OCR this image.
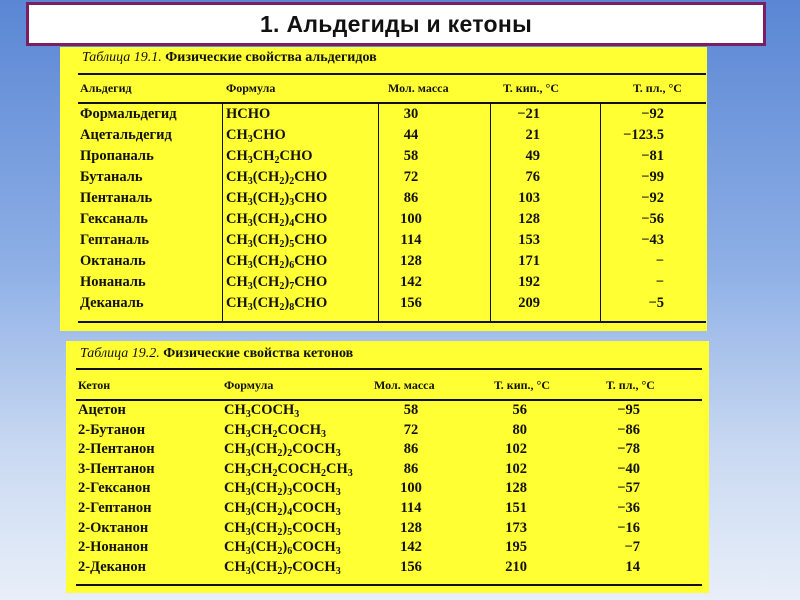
1. Альдегиды и кетоны
Таблица 19.1. Физические свойства альдегидов
Альдегид	Формула	Мол. масса	Т. кип., °С	Т. пл., °С
Формальдегид	HCHO	30	−21	−92
Ацетальдегид	$CH_3CHO$	44	21	−123.5
Пропаналь	$CH_3CH_2CHO$	58	49	−81
Бутаналь	$CH_3(CH_2)_2CHO$	72	76	−99
Пентаналь	$CH_3(CH_2)_3CHO$	86	103	−92
Гексаналь	$CH_3(CH_2)_4CHO$	100	128	−56
Гептаналь	$CH_3(CH_2)_5CHO$	114	153	−43
Октаналь	$CH_3(CH_2)_6CHO$	128	171	−
Нонаналь	$CH_3(CH_2)_7CHO$	142	192	−
Деканаль	$CH_3(CH_2)_8CHO$	156	209	−5
Таблица 19.2. Физические свойства кетонов
Кетон	Формула	Мол. масса	Т. кип., °С	Т. пл., °С
Ацетон	$CH_3COCH_3$	58	56	−95
2-Бутанон	$CH_3CH_2COCH_3$	72	80	−86
2-Пентанон	$CH_3(CH_2)_2COCH_3$	86	102	−78
3-Пентанон	$CH_3CH_2COCH_2CH_3$	86	102	−40
2-Гексанон	$CH_3(CH_2)_3COCH_3$	100	128	−57
2-Гептанон	$CH_3(CH_2)_4COCH_3$	114	151	−36
2-Октанон	$CH_3(CH_2)_5COCH_3$	128	173	−16
2-Нонанон	$CH_3(CH_2)_6COCH_3$	142	195	−7
2-Деканон	$CH_3(CH_2)_7COCH_3$	156	210	14
